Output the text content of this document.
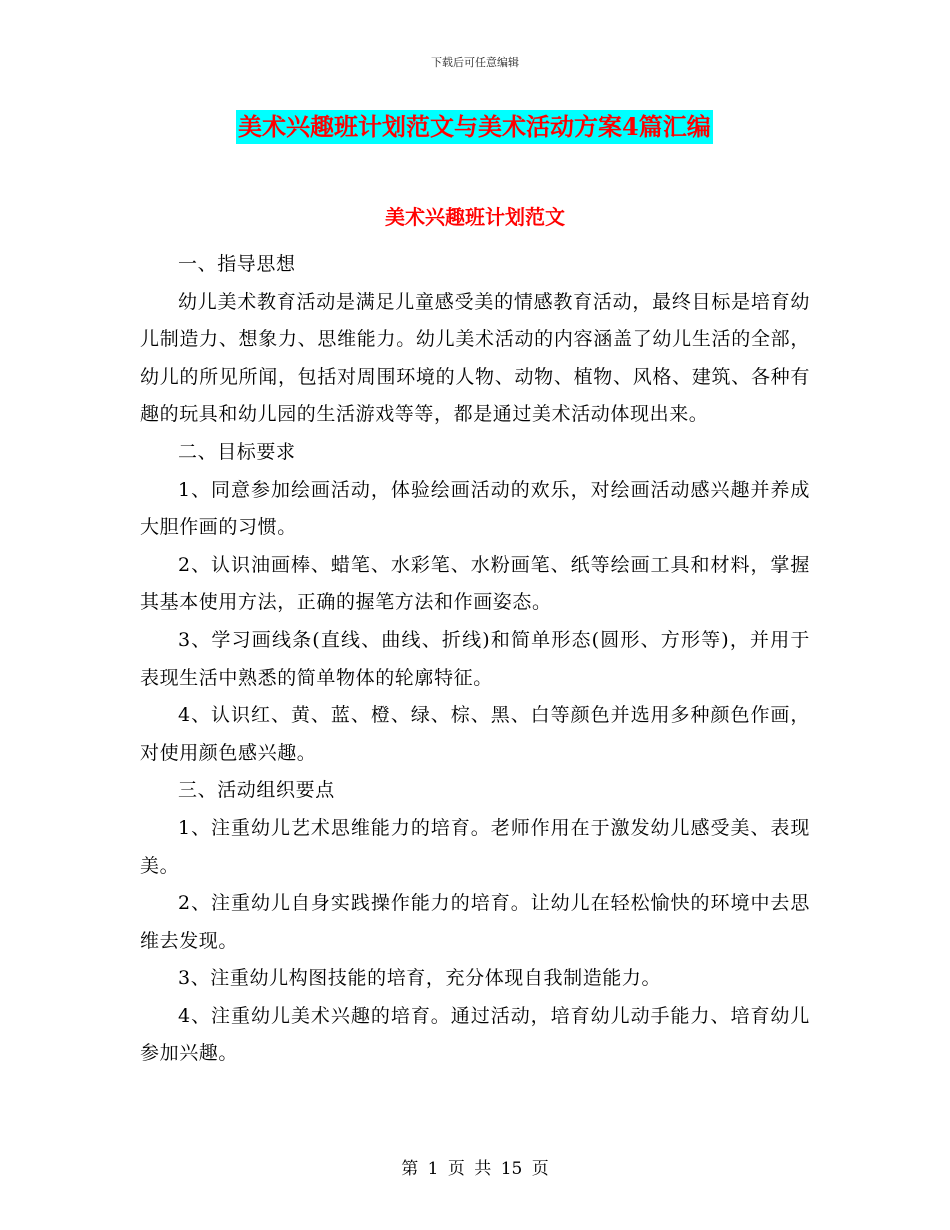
下载后可任意编辑
美术兴趣班计划范文与美术活动方案4篇汇编
美术兴趣班计划范文

一、指导思想

幼儿美术教育活动是满足儿童感受美的情感教育活动，最终目标是培育幼儿制造力、想象力、思维能力。幼儿美术活动的内容涵盖了幼儿生活的全部，幼儿的所见所闻，包括对周围环境的人物、动物、植物、风格、建筑、各种有趣的玩具和幼儿园的生活游戏等等，都是通过美术活动体现出来。

二、目标要求

1、同意参加绘画活动，体验绘画活动的欢乐，对绘画活动感兴趣并养成大胆作画的习惯。

2、认识油画棒、蜡笔、水彩笔、水粉画笔、纸等绘画工具和材料，掌握其基本使用方法，正确的握笔方法和作画姿态。

3、学习画线条(直线、曲线、折线)和简单形态(圆形、方形等)，并用于表现生活中熟悉的简单物体的轮廓特征。

4、认识红、黄、蓝、橙、绿、棕、黑、白等颜色并选用多种颜色作画，对使用颜色感兴趣。

三、活动组织要点

1、注重幼儿艺术思维能力的培育。老师作用在于激发幼儿感受美、表现美。

2、注重幼儿自身实践操作能力的培育。让幼儿在轻松愉快的环境中去思维去发现。

3、注重幼儿构图技能的培育，充分体现自我制造能力。

4、注重幼儿美术兴趣的培育。通过活动，培育幼儿动手能力、培育幼儿参加兴趣。

第 1 页 共 15 页
